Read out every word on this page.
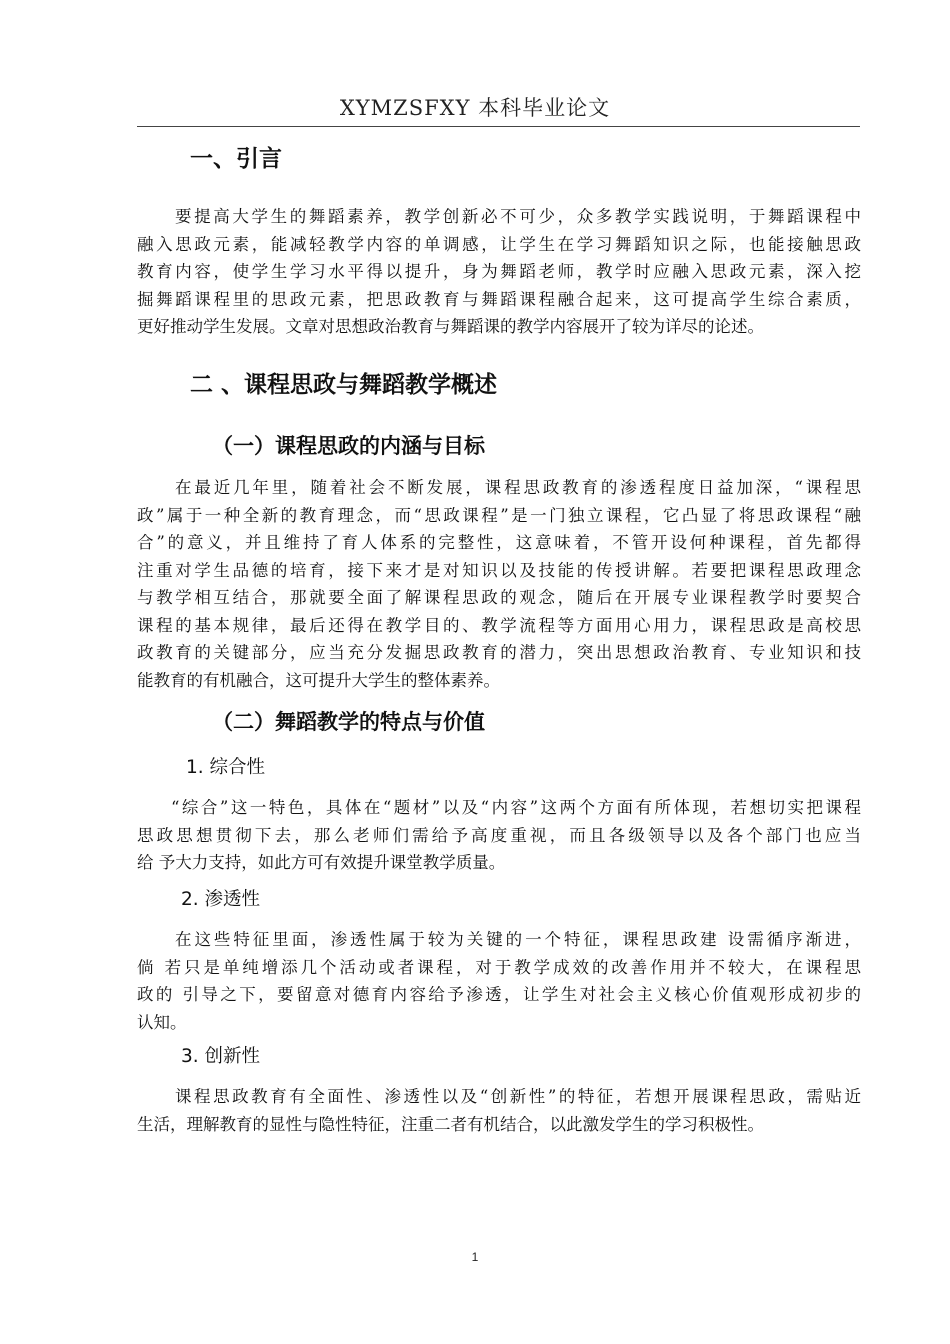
XYMZSFXY 本科毕业论文
一、引言
要提高大学生的舞蹈素养，教学创新必不可少，众多教学实践说明，于舞蹈课程中
融入思政元素，能减轻教学内容的单调感，让学生在学习舞蹈知识之际，也能接触思政
教育内容，使学生学习水平得以提升，身为舞蹈老师，教学时应融入思政元素，深入挖
掘舞蹈课程里的思政元素，把思政教育与舞蹈课程融合起来，这可提高学生综合素质，
更好推动学生发展。文章对思想政治教育与舞蹈课的教学内容展开了较为详尽的论述。
二 、课程思政与舞蹈教学概述
（一）课程思政的内涵与目标
在最近几年里，随着社会不断发展，课程思政教育的渗透程度日益加深，“课程思
政”属于一种全新的教育理念，而“思政课程”是一门独立课程，它凸显了将思政课程“融
合”的意义，并且维持了育人体系的完整性，这意味着，不管开设何种课程，首先都得
注重对学生品德的培育，接下来才是对知识以及技能的传授讲解。若要把课程思政理念
与教学相互结合，那就要全面了解课程思政的观念，随后在开展专业课程教学时要契合
课程的基本规律，最后还得在教学目的、教学流程等方面用心用力，课程思政是高校思
政教育的关键部分，应当充分发掘思政教育的潜力，突出思想政治教育、专业知识和技
能教育的有机融合，这可提升大学生的整体素养。
（二）舞蹈教学的特点与价值
1. 综合性
“综合”这一特色，具体在“题材”以及“内容”这两个方面有所体现，若想切实把课程
思政思想贯彻下去，那么老师们需给予高度重视，而且各级领导以及各个部门也应当
给 予大力支持，如此方可有效提升课堂教学质量。
2. 渗透性
在这些特征里面，渗透性属于较为关键的一个特征，课程思政建 设需循序渐进，
倘 若只是单纯增添几个活动或者课程，对于教学成效的改善作用并不较大，在课程思
政的 引导之下，要留意对德育内容给予渗透，让学生对社会主义核心价值观形成初步的
认知。
3. 创新性
课程思政教育有全面性、渗透性以及“创新性”的特征，若想开展课程思政，需贴近
生活，理解教育的显性与隐性特征，注重二者有机结合，以此激发学生的学习积极性。
1
